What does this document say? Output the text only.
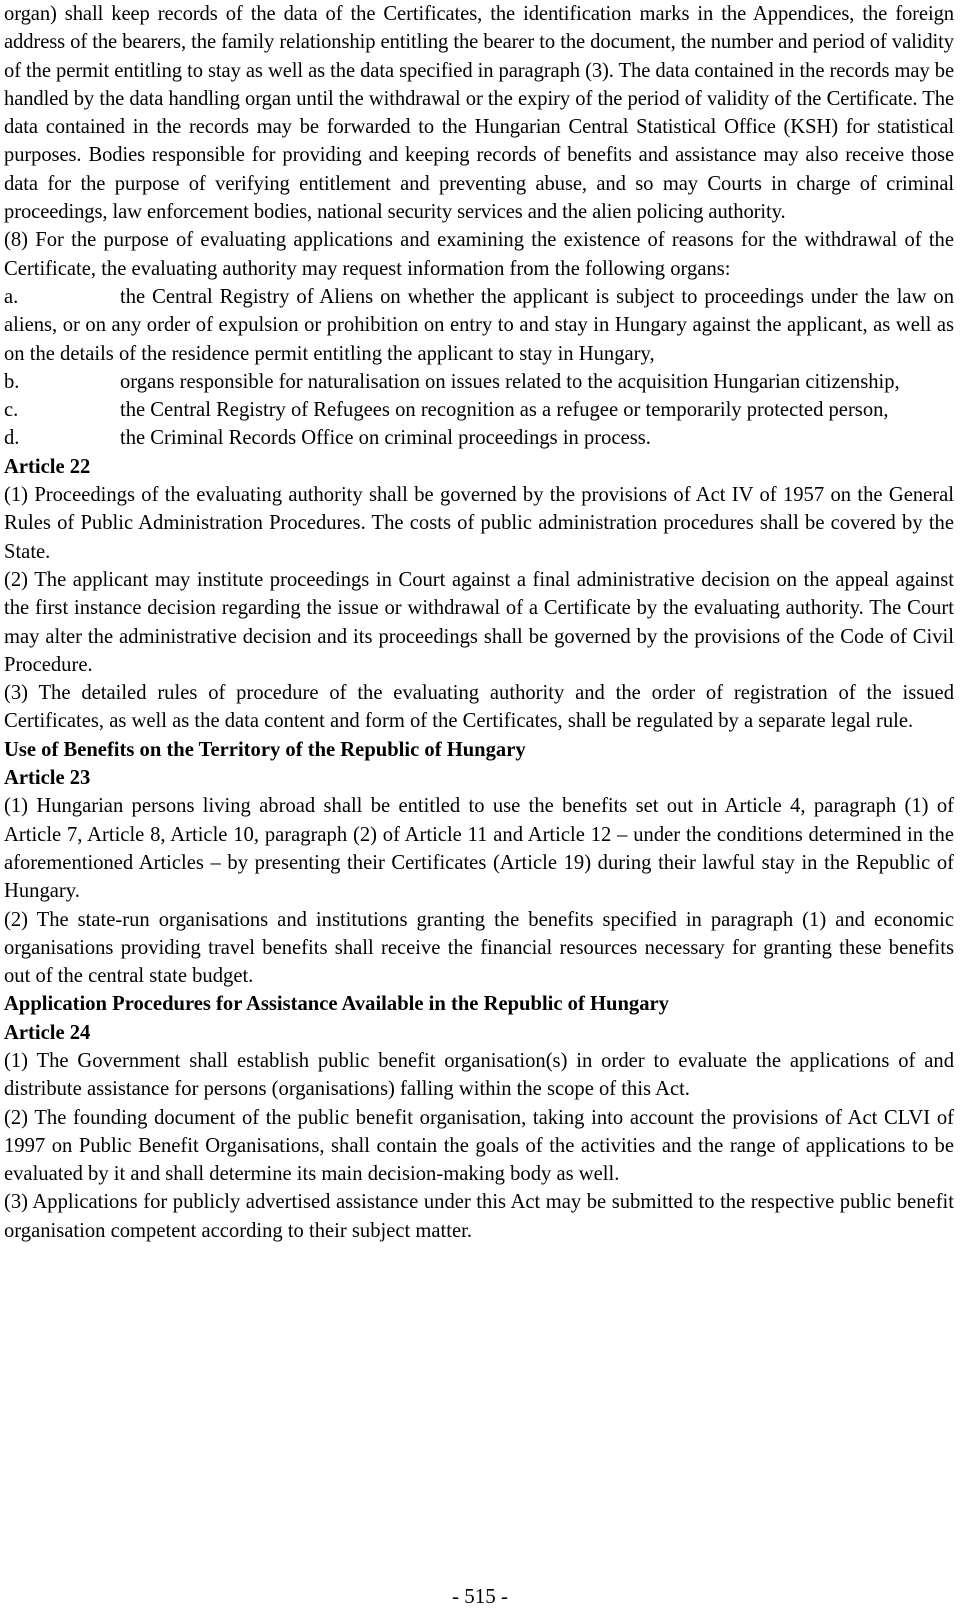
organ) shall keep records of the data of the Certificates, the identification marks in the Appendices, the foreign address of the bearers, the family relationship entitling the bearer to the document, the number and period of validity of the permit entitling to stay as well as the data specified in paragraph (3). The data contained in the records may be handled by the data handling organ until the withdrawal or the expiry of the period of validity of the Certificate. The data contained in the records may be forwarded to the Hungarian Central Statistical Office (KSH) for statistical purposes. Bodies responsible for providing and keeping records of benefits and assistance may also receive those data for the purpose of verifying entitlement and preventing abuse, and so may Courts in charge of criminal proceedings, law enforcement bodies, national security services and the alien policing authority.

(8) For the purpose of evaluating applications and examining the existence of reasons for the withdrawal of the Certificate, the evaluating authority may request information from the following organs:

a.	the Central Registry of Aliens on whether the applicant is subject to proceedings under the law on aliens, or on any order of expulsion or prohibition on entry to and stay in Hungary against the applicant, as well as on the details of the residence permit entitling the applicant to stay in Hungary,

b.	organs responsible for naturalisation on issues related to the acquisition Hungarian citizenship,

c.	the Central Registry of Refugees on recognition as a refugee or temporarily protected person,

d.	the Criminal Records Office on criminal proceedings in process.

Article 22

(1) Proceedings of the evaluating authority shall be governed by the provisions of Act IV of 1957 on the General Rules of Public Administration Procedures. The costs of public administration procedures shall be covered by the State.

(2) The applicant may institute proceedings in Court against a final administrative decision on the appeal against the first instance decision regarding the issue or withdrawal of a Certificate by the evaluating authority. The Court may alter the administrative decision and its proceedings shall be governed by the provisions of the Code of Civil Procedure.

(3) The detailed rules of procedure of the evaluating authority and the order of registration of the issued Certificates, as well as the data content and form of the Certificates, shall be regulated by a separate legal rule.

Use of Benefits on the Territory of the Republic of Hungary

Article 23

(1) Hungarian persons living abroad shall be entitled to use the benefits set out in Article 4, paragraph (1) of Article 7, Article 8, Article 10, paragraph (2) of Article 11 and Article 12 – under the conditions determined in the aforementioned Articles – by presenting their Certificates (Article 19) during their lawful stay in the Republic of Hungary.

(2) The state-run organisations and institutions granting the benefits specified in paragraph (1) and economic organisations providing travel benefits shall receive the financial resources necessary for granting these benefits out of the central state budget.

Application Procedures for Assistance Available in the Republic of Hungary

Article 24

(1) The Government shall establish public benefit organisation(s) in order to evaluate the applications of and distribute assistance for persons (organisations) falling within the scope of this Act.

(2) The founding document of the public benefit organisation, taking into account the provisions of Act CLVI of 1997 on Public Benefit Organisations, shall contain the goals of the activities and the range of applications to be evaluated by it and shall determine its main decision-making body as well.

(3) Applications for publicly advertised assistance under this Act may be submitted to the respective public benefit organisation competent according to their subject matter.

- 515 -
